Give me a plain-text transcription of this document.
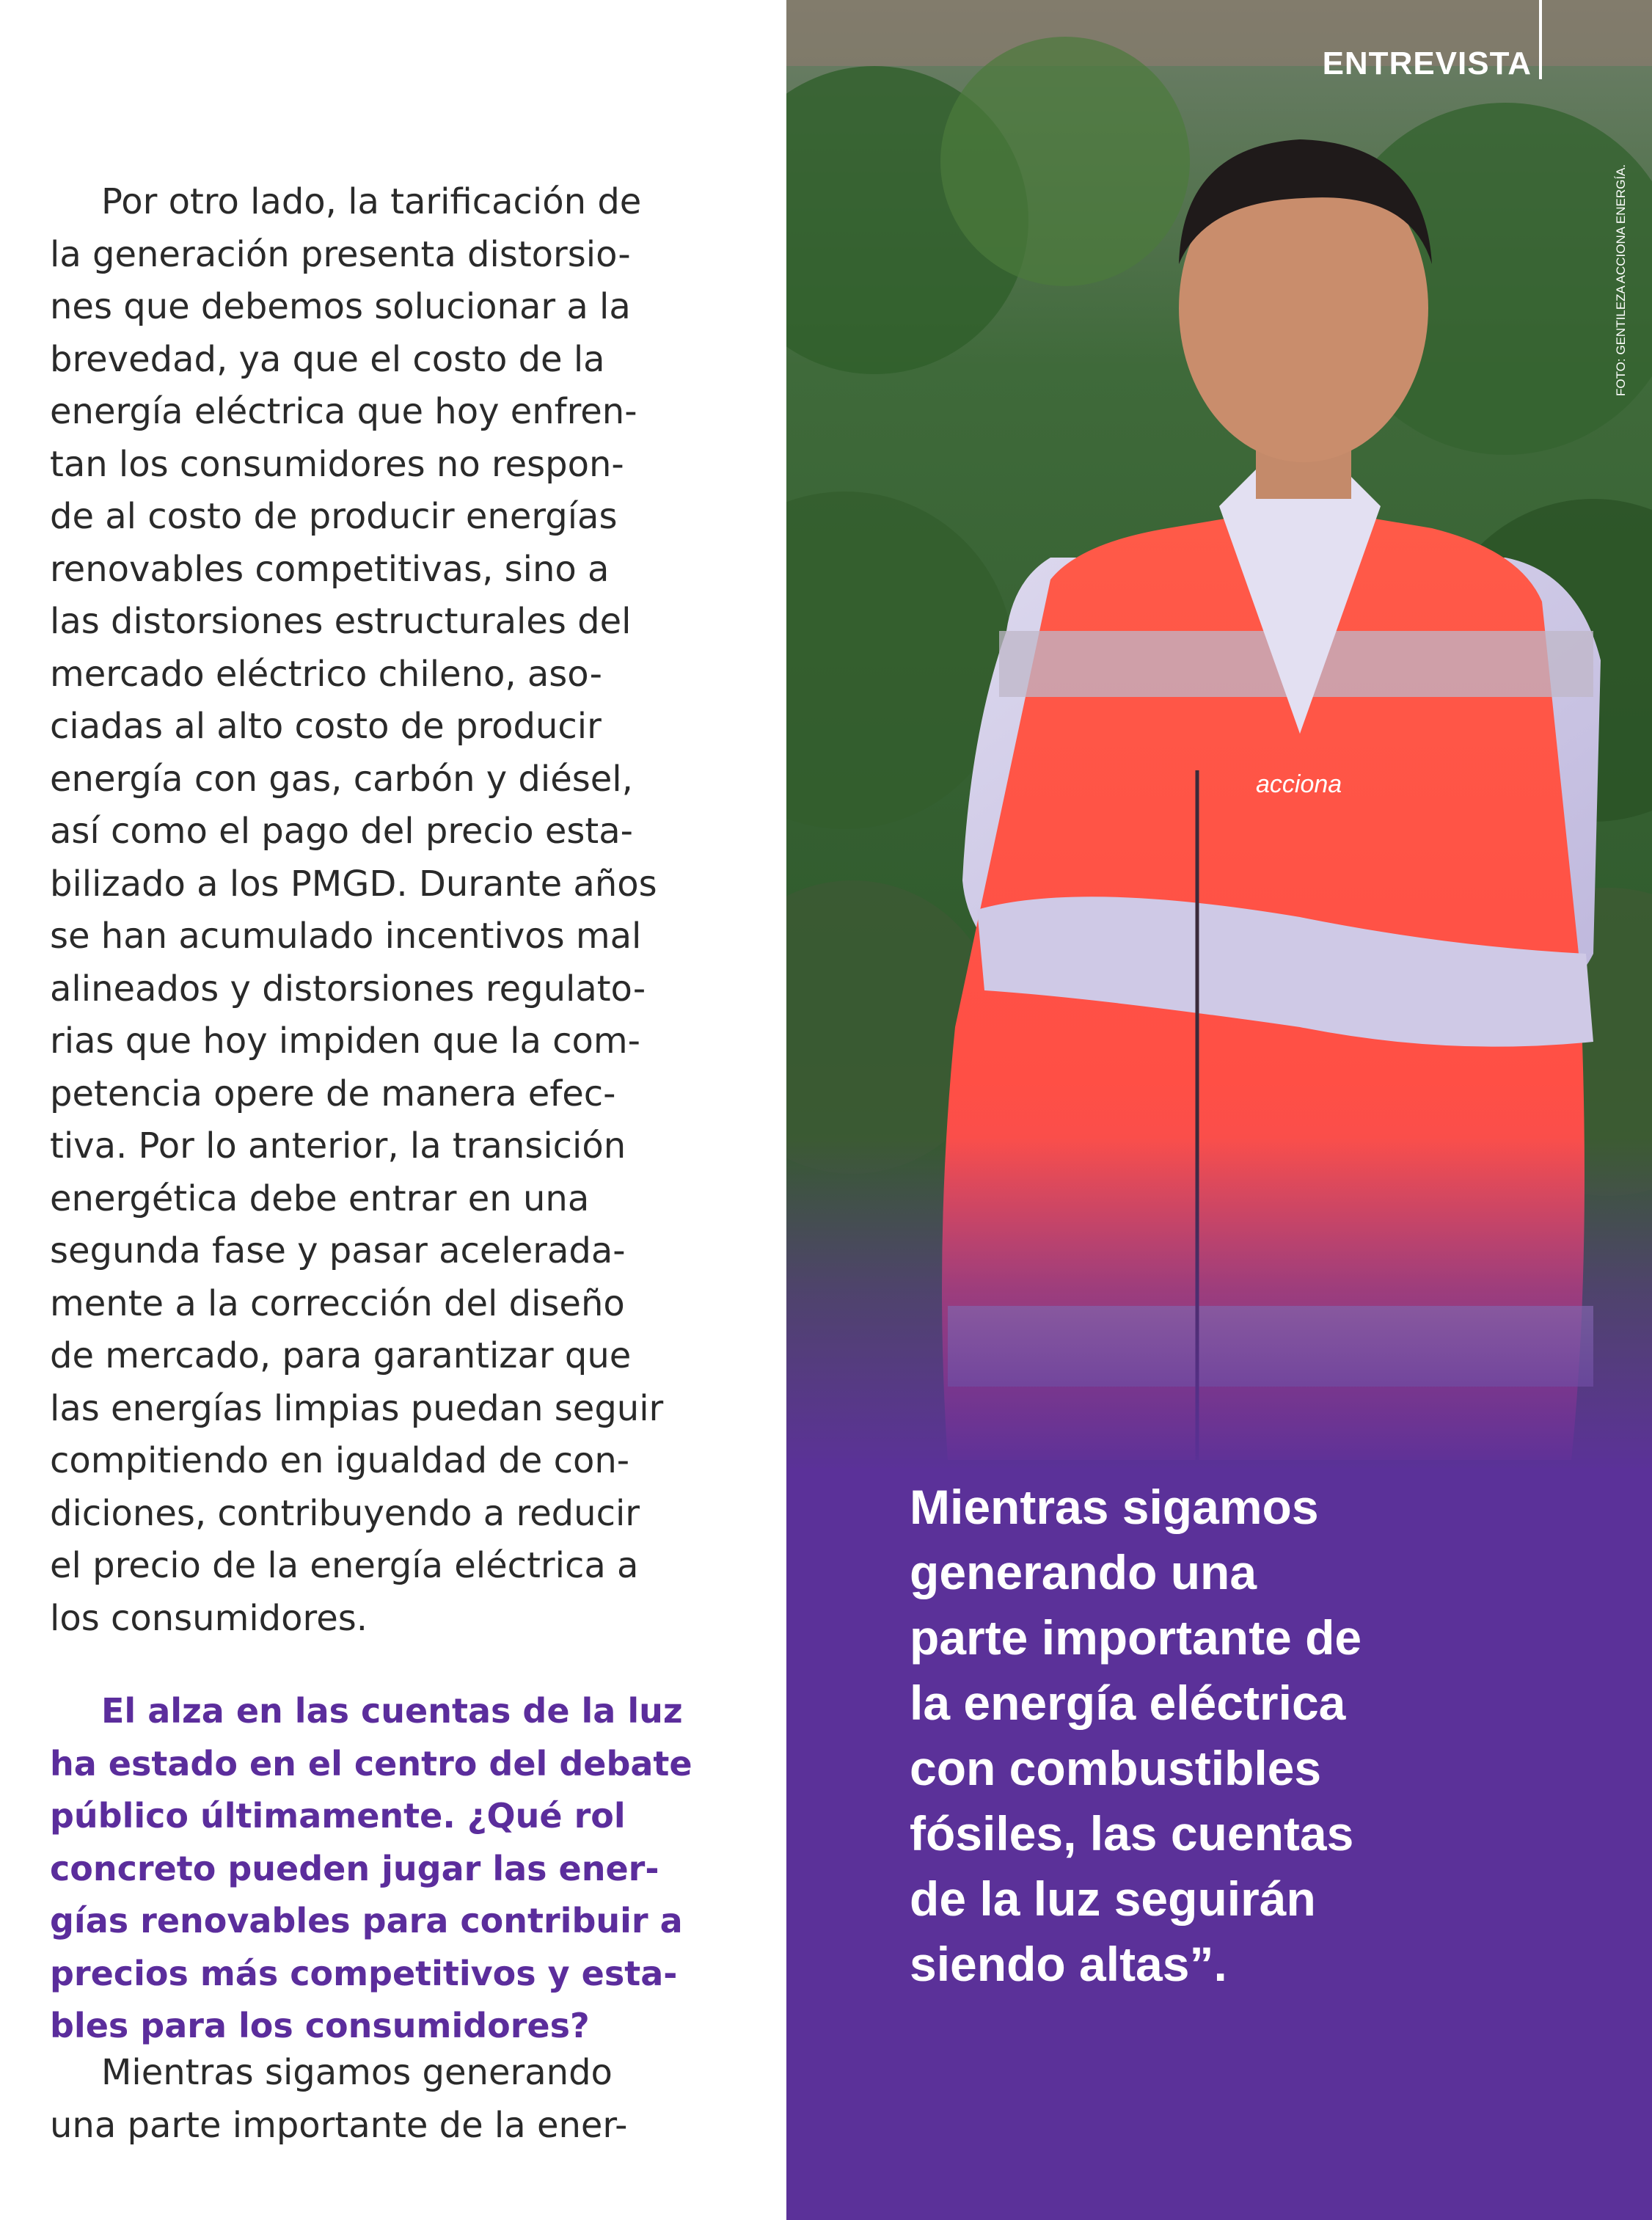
Por otro lado, la tarificación de
la generación presenta distorsio-
nes que debemos solucionar a la
brevedad, ya que el costo de la
energía eléctrica que hoy enfren-
tan los consumidores no respon-
de al costo de producir energías
renovables competitivas, sino a
las distorsiones estructurales del
mercado eléctrico chileno, aso-
ciadas al alto costo de producir
energía con gas, carbón y diésel,
así como el pago del precio esta-
bilizado a los PMGD. Durante años
se han acumulado incentivos mal
alineados y distorsiones regulato-
rias que hoy impiden que la com-
petencia opere de manera efec-
tiva. Por lo anterior, la transición
energética debe entrar en una
segunda fase y pasar acelerada-
mente a la corrección del diseño
de mercado, para garantizar que
las energías limpias puedan seguir
compitiendo en igualdad de con-
diciones, contribuyendo a reducir
el precio de la energía eléctrica a
los consumidores.

El alza en las cuentas de la luz
ha estado en el centro del debate
público últimamente. ¿Qué rol
concreto pueden jugar las ener-
gías renovables para contribuir a
precios más competitivos y esta-
bles para los consumidores?

Mientras sigamos generando
una parte importante de la ener-

acciona
ENTREVISTA
FOTO: GENTILEZA ACCIONA ENERGÍA.

Mientras sigamos
generando una
parte importante de
la energía eléctrica
con combustibles
fósiles, las cuentas
de la luz seguirán
siendo altas”.
